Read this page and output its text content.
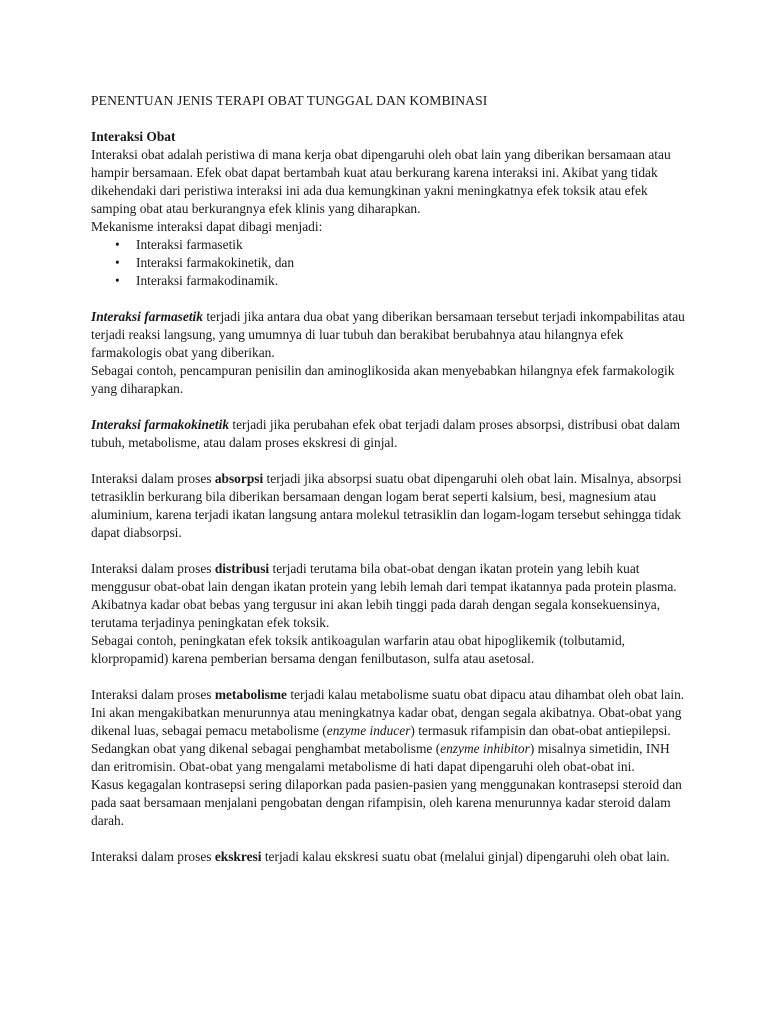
PENENTUAN JENIS TERAPI OBAT TUNGGAL DAN KOMBINASI

Interaksi Obat

Interaksi obat adalah peristiwa di mana kerja obat dipengaruhi oleh obat lain yang diberikan bersamaan atau hampir bersamaan. Efek obat dapat bertambah kuat atau berkurang karena interaksi ini. Akibat yang tidak dikehendaki dari peristiwa interaksi ini ada dua kemungkinan yakni meningkatnya efek toksik atau efek samping obat atau berkurangnya efek klinis yang diharapkan.

Mekanisme interaksi dapat dibagi menjadi:

• Interaksi farmasetik
• Interaksi farmakokinetik, dan
• Interaksi farmakodinamik.

Interaksi farmasetik terjadi jika antara dua obat yang diberikan bersamaan tersebut terjadi inkompabilitas atau terjadi reaksi langsung, yang umumnya di luar tubuh dan berakibat berubahnya atau hilangnya efek farmakologis obat yang diberikan.

Sebagai contoh, pencampuran penisilin dan aminoglikosida akan menyebabkan hilangnya efek farmakologik yang diharapkan.

Interaksi farmakokinetik terjadi jika perubahan efek obat terjadi dalam proses absorpsi, distribusi obat dalam tubuh, metabolisme, atau dalam proses ekskresi di ginjal.

Interaksi dalam proses absorpsi terjadi jika absorpsi suatu obat dipengaruhi oleh obat lain. Misalnya, absorpsi tetrasiklin berkurang bila diberikan bersamaan dengan logam berat seperti kalsium, besi, magnesium atau aluminium, karena terjadi ikatan langsung antara molekul tetrasiklin dan logam-logam tersebut sehingga tidak dapat diabsorpsi.

Interaksi dalam proses distribusi terjadi terutama bila obat-obat dengan ikatan protein yang lebih kuat menggusur obat-obat lain dengan ikatan protein yang lebih lemah dari tempat ikatannya pada protein plasma. Akibatnya kadar obat bebas yang tergusur ini akan lebih tinggi pada darah dengan segala konsekuensinya, terutama terjadinya peningkatan efek toksik.

Sebagai contoh, peningkatan efek toksik antikoagulan warfarin atau obat hipoglikemik (tolbutamid, klorpropamid) karena pemberian bersama dengan fenilbutason, sulfa atau asetosal.

Interaksi dalam proses metabolisme terjadi kalau metabolisme suatu obat dipacu atau dihambat oleh obat lain. Ini akan mengakibatkan menurunnya atau meningkatnya kadar obat, dengan segala akibatnya. Obat-obat yang dikenal luas, sebagai pemacu metabolisme (enzyme inducer) termasuk rifampisin dan obat-obat antiepilepsi. Sedangkan obat yang dikenal sebagai penghambat metabolisme (enzyme inhibitor) misalnya simetidin, INH dan eritromisin. Obat-obat yang mengalami metabolisme di hati dapat dipengaruhi oleh obat-obat ini.

Kasus kegagalan kontrasepsi sering dilaporkan pada pasien-pasien yang menggunakan kontrasepsi steroid dan pada saat bersamaan menjalani pengobatan dengan rifampisin, oleh karena menurunnya kadar steroid dalam darah.

Interaksi dalam proses ekskresi terjadi kalau ekskresi suatu obat (melalui ginjal) dipengaruhi oleh obat lain.
